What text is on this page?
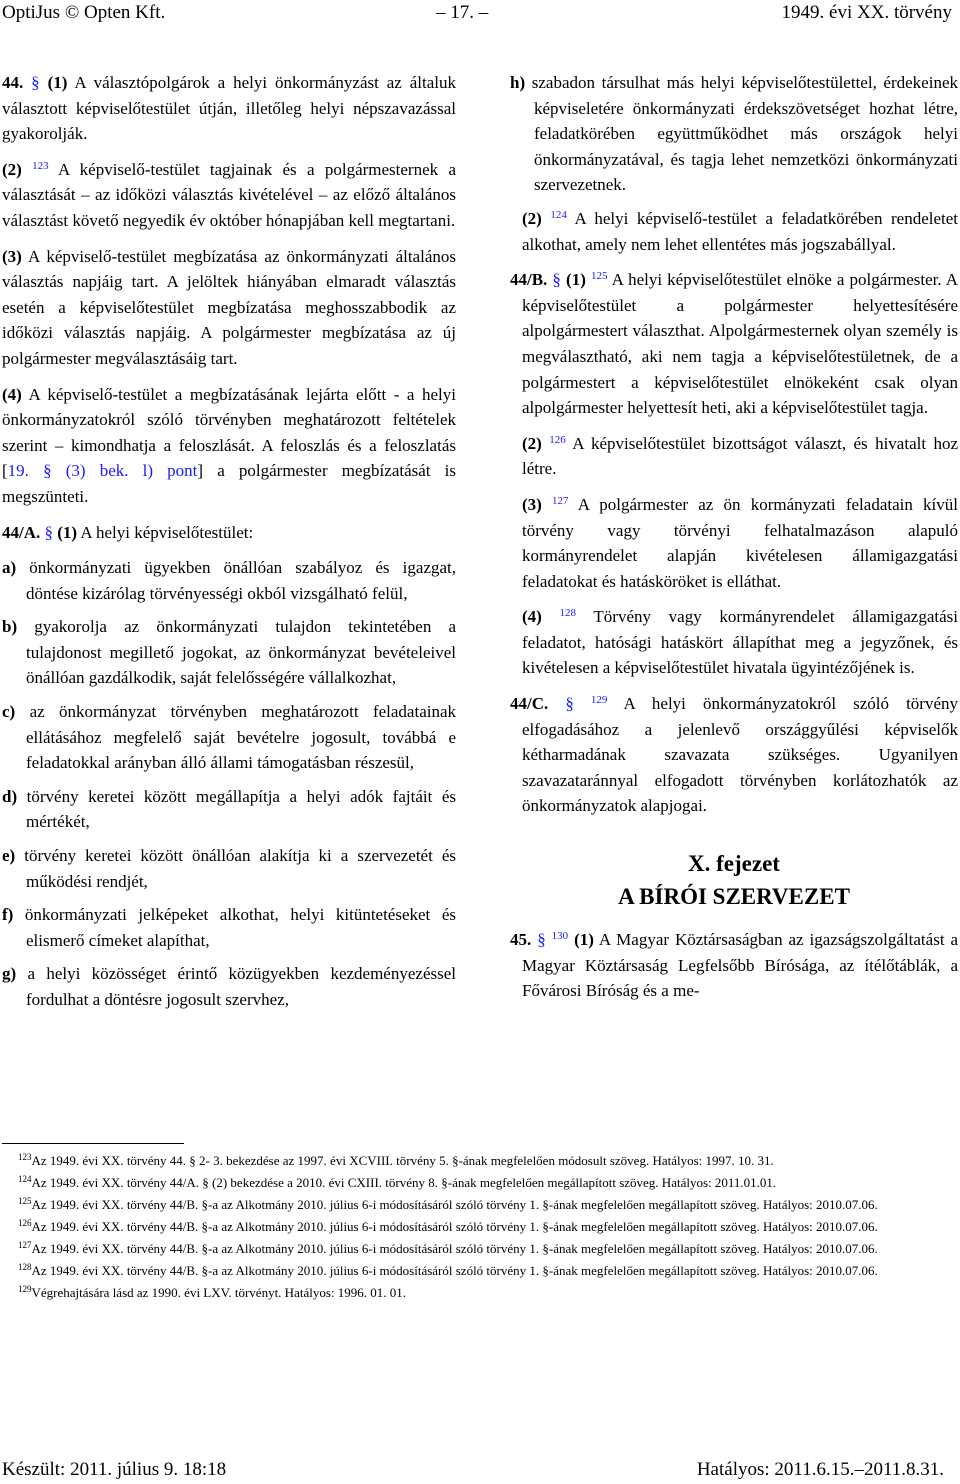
OptiJus © Opten Kft.	– 17. –	1949. évi XX. törvény

44. § (1) A választópolgárok a helyi önkormányzást az általuk választott képviselőtestület útján, illetőleg helyi népszavazással gyakorolják.

(2) $^{123}$ A képviselő-testület tagjainak és a polgármesternek a választását – az időközi választás kivételével – az előző általános választást követő negyedik év október hónapjában kell megtartani.

(3) A képviselő-testület megbízatása az önkormányzati általános választás napjáig tart. A jelöltek hiányában elmaradt választás esetén a képviselőtestület megbízatása meghosszabbodik az időközi választás napjáig. A polgármester megbízatása az új polgármester megválasztásáig tart.

(4) A képviselő-testület a megbízatásának lejárta előtt - a helyi önkormányzatokról szóló törvényben meghatározott feltételek szerint – kimondhatja a feloszlását. A feloszlás és a feloszlatás [19. § (3) bek. l) pont] a polgármester megbízatását is megszünteti.

44/A. § (1) A helyi képviselőtestület:

a) önkormányzati ügyekben önállóan szabályoz és igazgat, döntése kizárólag törvényességi okból vizsgálható felül,

b) gyakorolja az önkormányzati tulajdon tekintetében a tulajdonost megillető jogokat, az önkormányzat bevételeivel önállóan gazdálkodik, saját felelősségére vállalkozhat,

c) az önkormányzat törvényben meghatározott feladatainak ellátásához megfelelő saját bevételre jogosult, továbbá e feladatokkal arányban álló állami támogatásban részesül,

d) törvény keretei között megállapítja a helyi adók fajtáit és mértékét,

e) törvény keretei között önállóan alakítja ki a szervezetét és működési rendjét,

f) önkormányzati jelképeket alkothat, helyi kitüntetéseket és elismerő címeket alapíthat,

g) a helyi közösséget érintő közügyekben kezdeményezéssel fordulhat a döntésre jogosult szervhez,

h) szabadon társulhat más helyi képviselőtestülettel, érdekeinek képviseletére önkormányzati érdekszövetséget hozhat létre, feladatkörében együttműködhet más országok helyi önkormányzatával, és tagja lehet nemzetközi önkormányzati szervezetnek.

(2) $^{124}$ A helyi képviselő-testület a feladatkörében rendeletet alkothat, amely nem lehet ellentétes más jogszabállyal.

44/B. § (1) $^{125}$ A helyi képviselőtestület elnöke a polgármester. A képviselőtestület a polgármester helyettesítésére alpolgármestert választhat. Alpolgármesternek olyan személy is megválasztható, aki nem tagja a képviselőtestületnek, de a polgármestert a képviselőtestület elnökeként csak olyan alpolgármester helyettesít heti, aki a képviselőtestület tagja.

(2) $^{126}$ A képviselőtestület bizottságot választ, és hivatalt hoz létre.

(3) $^{127}$ A polgármester az ön kormányzati feladatain kívül törvény vagy törvényi felhatalmazáson alapuló kormányrendelet alapján kivételesen államigazgatási feladatokat és hatásköröket is elláthat.

(4) $^{128}$ Törvény vagy kormányrendelet államigazgatási feladatot, hatósági hatáskört állapíthat meg a jegyzőnek, és kivételesen a képviselőtestület hivatala ügyintézőjének is.

44/C. § $^{129}$ A helyi önkormányzatokról szóló törvény elfogadásához a jelenlevő országgyűlési képviselők kétharmadának szavazata szükséges. Ugyanilyen szavazataránnyal elfogadott törvényben korlátozhatók az önkormányzatok alapjogai.

X. fejezet
A BÍRÓI SZERVEZET

45. § $^{130}$ (1) A Magyar Köztársaságban az igazságszolgáltatást a Magyar Köztársaság Legfelsőbb Bírósága, az ítélőtáblák, a Fővárosi Bíróság és a me-

$^{123}$Az 1949. évi XX. törvény 44. § 2- 3. bekezdése az 1997. évi XCVIII. törvény 5. §-ának megfelelően módosult szöveg. Hatályos: 1997. 10. 31.

$^{124}$Az 1949. évi XX. törvény 44/A. § (2) bekezdése a 2010. évi CXIII. törvény 8. §-ának megfelelően megállapított szöveg. Hatályos: 2011.01.01.

$^{125}$Az 1949. évi XX. törvény 44/B. §-a az Alkotmány 2010. július 6-i módosításáról szóló törvény 1. §-ának megfelelően megállapított szöveg. Hatályos: 2010.07.06.

$^{126}$Az 1949. évi XX. törvény 44/B. §-a az Alkotmány 2010. július 6-i módosításáról szóló törvény 1. §-ának megfelelően megállapított szöveg. Hatályos: 2010.07.06.

$^{127}$Az 1949. évi XX. törvény 44/B. §-a az Alkotmány 2010. július 6-i módosításáról szóló törvény 1. §-ának megfelelően megállapított szöveg. Hatályos: 2010.07.06.

$^{128}$Az 1949. évi XX. törvény 44/B. §-a az Alkotmány 2010. július 6-i módosításáról szóló törvény 1. §-ának megfelelően megállapított szöveg. Hatályos: 2010.07.06.

$^{129}$Végrehajtására lásd az 1990. évi LXV. törvényt. Hatályos: 1996. 01. 01.

Készült: 2011. július 9. 18:18	Hatályos: 2011.6.15.–2011.8.31.
